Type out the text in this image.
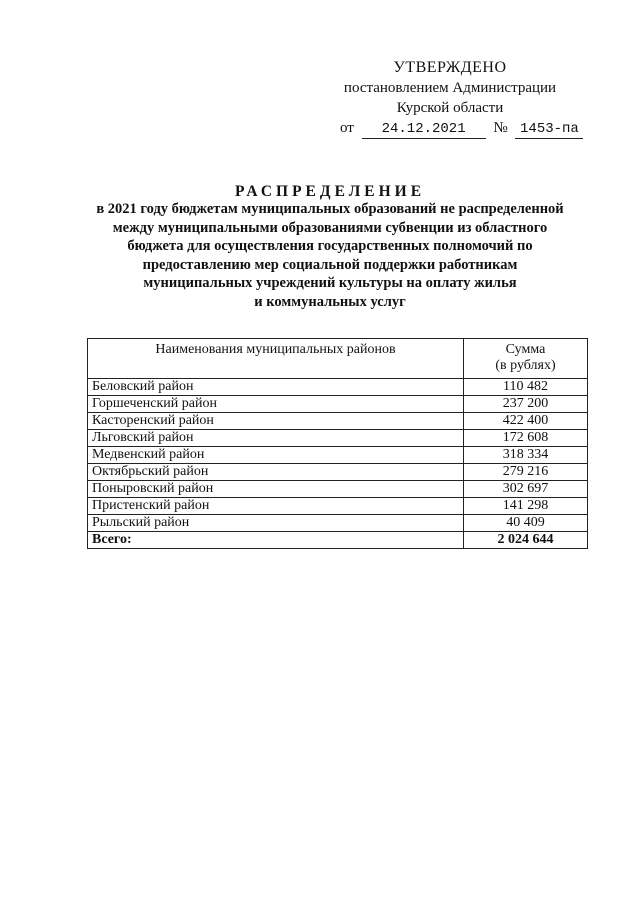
УТВЕРЖДЕНО
постановлением Администрации
Курской области
от 24.12.2021 № 1453-па
РАСПРЕДЕЛЕНИЕ
в 2021 году бюджетам муниципальных образований не распределенной
между муниципальными образованиями субвенции из областного
бюджета для осуществления государственных полномочий по
предоставлению мер социальной поддержки работникам
муниципальных учреждений культуры на оплату жилья
и коммунальных услуг
Наименования муниципальных районов	Сумма
(в рублях)

Беловский район	110 482
Горшеченский район	237 200
Касторенский район	422 400
Льговский район	172 608
Медвенский район	318 334
Октябрьский район	279 216
Поныровский район	302 697
Пристенский район	141 298
Рыльский район	40 409
Всего:	2 024 644
